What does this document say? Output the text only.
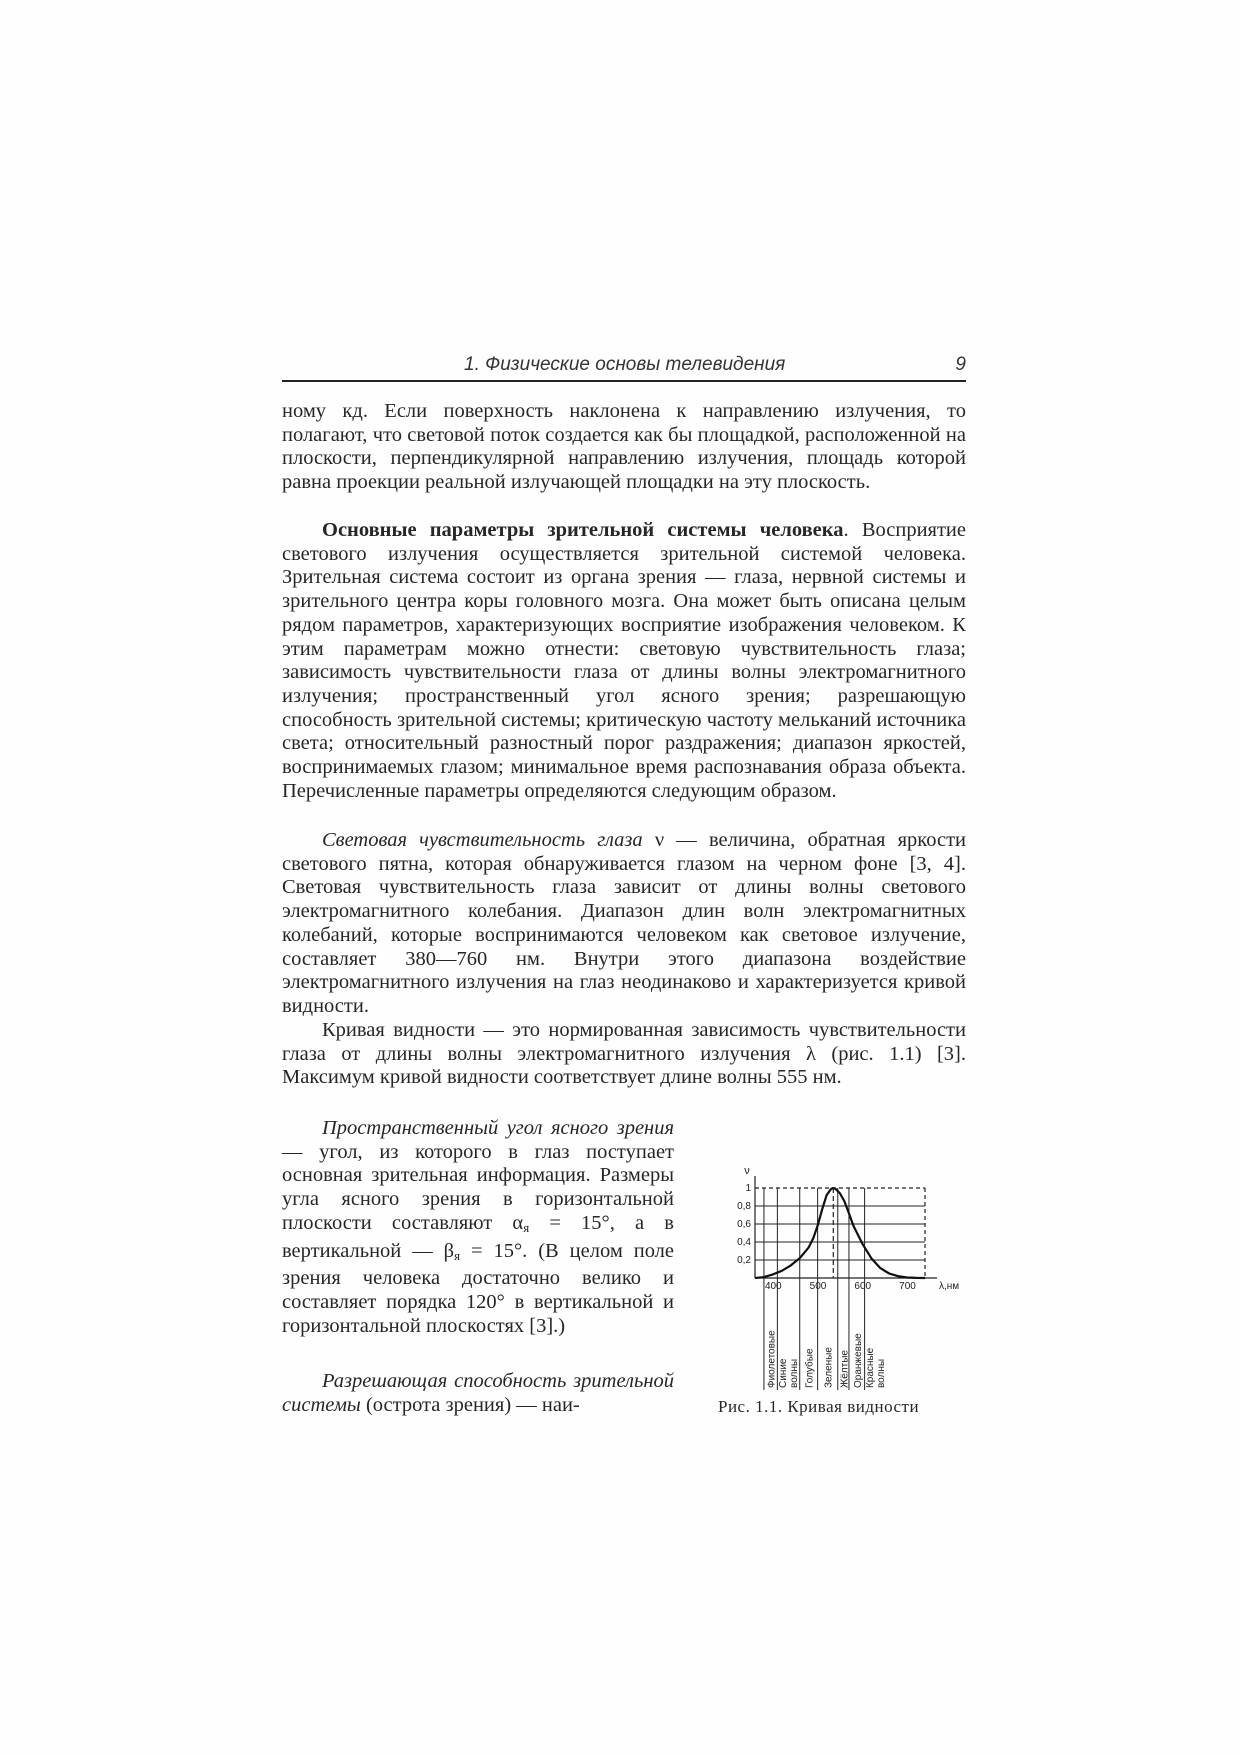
1. Физические основы телевидения	9

ному кд. Если поверхность наклонена к направлению излучения, то полагают, что световой поток создается как бы площадкой, расположенной на плоскости, перпендикулярной направлению излучения, площадь которой равна проекции реальной излучающей площадки на эту плоскость.

Основные параметры зрительной системы человека. Восприятие светового излучения осуществляется зрительной системой человека. Зрительная система состоит из органа зрения — глаза, нервной системы и зрительного центра коры головного мозга. Она может быть описана целым рядом параметров, характеризующих восприятие изображения человеком. К этим параметрам можно отнести: световую чувствительность глаза; зависимость чувствительности глаза от длины волны электромагнитного излучения; пространственный угол ясного зрения; разрешающую способность зрительной системы; критическую частоту мельканий источника света; относительный разностный порог раздражения; диапазон яркостей, воспринимаемых глазом; минимальное время распознавания образа объекта. Перечисленные параметры определяются следующим образом.

Световая чувствительность глаза ν — величина, обратная яркости светового пятна, которая обнаруживается глазом на черном фоне [3, 4]. Световая чувствительность глаза зависит от длины волны светового электромагнитного колебания. Диапазон длин волн электромагнитных колебаний, которые воспринимаются человеком как световое излучение, составляет 380—760 нм. Внутри этого диапазона воздействие электромагнитного излучения на глаз неодинаково и характеризуется кривой видности.

Кривая видности — это нормированная зависимость чувствительности глаза от длины волны электромагнитного излучения λ (рис. 1.1) [3]. Максимум кривой видности соответствует длине волны 555 нм.

Пространственный угол ясного зрения — угол, из которого в глаз поступает основная зрительная информация. Размеры угла ясного зрения в горизонтальной плоскости составляют $\alpha_я = 15^\circ$, а в вертикальной — $\beta_я = 15^\circ$. (В целом поле зрения человека достаточно велико и составляет порядка 120° в вертикальной и горизонтальной плоскостях [3].)

Разрешающая способность зрительной системы (острота зрения) — наи-

0,2
0,4
0,6
0,8
1
ν
400	500	600	700 λ,нм
Фиолетовые Синие волны Голубые Зеленые Жёлтые Оранжевые Красные волны

Рис. 1.1. Кривая видности
